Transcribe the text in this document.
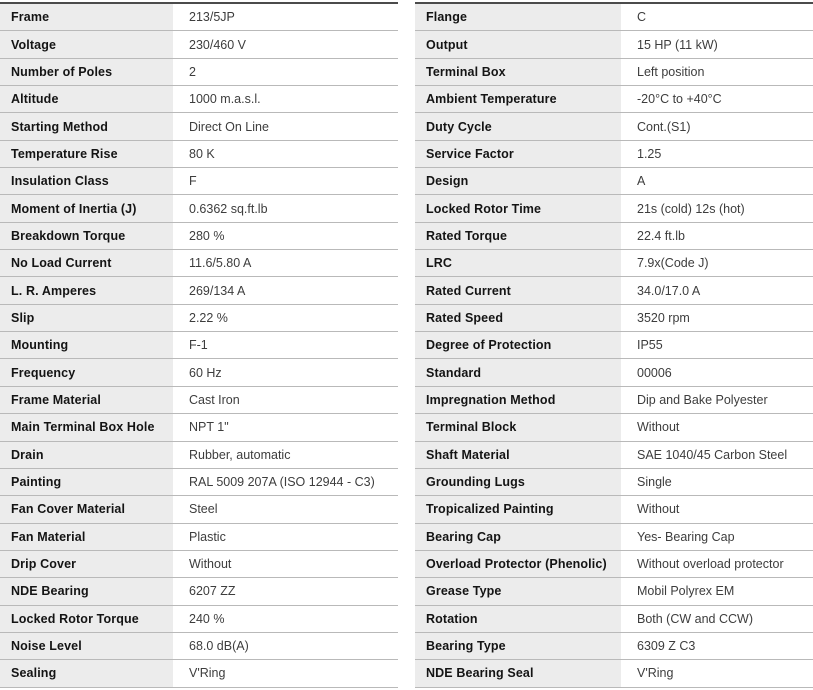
Frame	213/5JP
Voltage	230/460 V
Number of Poles	2
Altitude	1000 m.a.s.l.
Starting Method	Direct On Line
Temperature Rise	80 K
Insulation Class	F
Moment of Inertia (J)	0.6362 sq.ft.lb
Breakdown Torque	280 %
No Load Current	11.6/5.80 A
L. R. Amperes	269/134 A
Slip	2.22 %
Mounting	F-1
Frequency	60 Hz
Frame Material	Cast Iron
Main Terminal Box Hole	NPT 1"
Drain	Rubber, automatic
Painting	RAL 5009 207A (ISO 12944 - C3)
Fan Cover Material	Steel
Fan Material	Plastic
Drip Cover	Without
NDE Bearing	6207 ZZ
Locked Rotor Torque	240 %
Noise Level	68.0 dB(A)
Sealing	V'Ring
Flange	C
Output	15 HP (11 kW)
Terminal Box	Left position
Ambient Temperature	-20°C to +40°C
Duty Cycle	Cont.(S1)
Service Factor	1.25
Design	A
Locked Rotor Time	21s (cold) 12s (hot)
Rated Torque	22.4 ft.lb
LRC	7.9x(Code J)
Rated Current	34.0/17.0 A
Rated Speed	3520 rpm
Degree of Protection	IP55
Standard	00006
Impregnation Method	Dip and Bake Polyester
Terminal Block	Without
Shaft Material	SAE 1040/45 Carbon Steel
Grounding Lugs	Single
Tropicalized Painting	Without
Bearing Cap	Yes- Bearing Cap
Overload Protector (Phenolic)	Without overload protector
Grease Type	Mobil Polyrex EM
Rotation	Both (CW and CCW)
Bearing Type	6309 Z C3
NDE Bearing Seal	V'Ring
